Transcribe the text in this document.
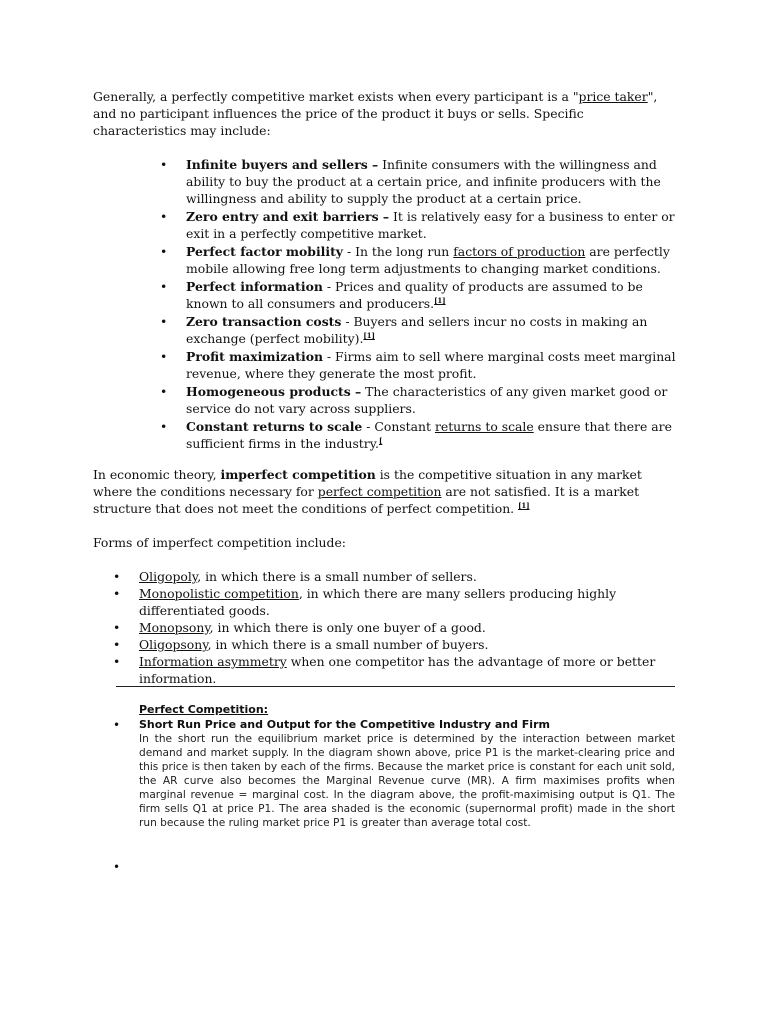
Generally, a perfectly competitive market exists when every participant is a "price taker", and no participant influences the price of the product it buys or sells. Specific characteristics may include:

• Infinite buyers and sellers – Infinite consumers with the willingness and ability to buy the product at a certain price, and infinite producers with the willingness and ability to supply the product at a certain price.
• Zero entry and exit barriers – It is relatively easy for a business to enter or exit in a perfectly competitive market.
• Perfect factor mobility - In the long run factors of production are perfectly mobile allowing free long term adjustments to changing market conditions.
• Perfect information - Prices and quality of products are assumed to be known to all consumers and producers.[1]
• Zero transaction costs - Buyers and sellers incur no costs in making an exchange (perfect mobility).[1]
• Profit maximization - Firms aim to sell where marginal costs meet marginal revenue, where they generate the most profit.
• Homogeneous products – The characteristics of any given market good or service do not vary across suppliers.
• Constant returns to scale - Constant returns to scale ensure that there are sufficient firms in the industry.[

In economic theory, imperfect competition is the competitive situation in any market where the conditions necessary for perfect competition are not satisfied. It is a market structure that does not meet the conditions of perfect competition. [1]

Forms of imperfect competition include:

• Oligopoly, in which there is a small number of sellers.
• Monopolistic competition, in which there are many sellers producing highly differentiated goods.
• Monopsony, in which there is only one buyer of a good.
• Oligopsony, in which there is a small number of buyers.
• Information asymmetry when one competitor has the advantage of more or better information.
Perfect Competition:
• Short Run Price and Output for the Competitive Industry and Firm
In the short run the equilibrium market price is determined by the interaction between market demand and market supply. In the diagram shown above, price P1 is the market-clearing price and this price is then taken by each of the firms. Because the market price is constant for each unit sold, the AR curve also becomes the Marginal Revenue curve (MR). A firm maximises profits when marginal revenue = marginal cost. In the diagram above, the profit-maximising output is Q1. The firm sells Q1 at price P1. The area shaded is the economic (supernormal profit) made in the short run because the ruling market price P1 is greater than average total cost.
•
